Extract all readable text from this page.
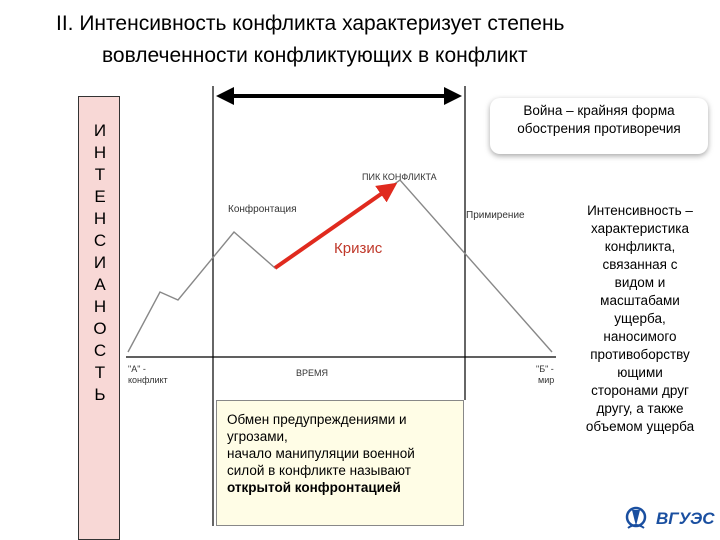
II. Интенсивность конфликта характеризует степень
вовлеченности конфликтующих в конфликт
И
Н
Т
Е
Н
С
И
А
Н
О
С
Т
Ь
Конфронтация
ПИК КОНФЛИКТА
Примирение
Кризис
ВРЕМЯ
"А" -
конфликт
"Б" -
мир
Война – крайняя форма
обострения противоречия
Обмен предупреждениями и
угрозами,
начало манипуляции военной
силой в конфликте называют
открытой конфронтацией
Интенсивность –
характеристика
конфликта,
связанная с
видом и
масштабами
ущерба,
наносимого
противоборству
ющими
сторонами друг
другу, а также
объемом ущерба
ВГУЭС
